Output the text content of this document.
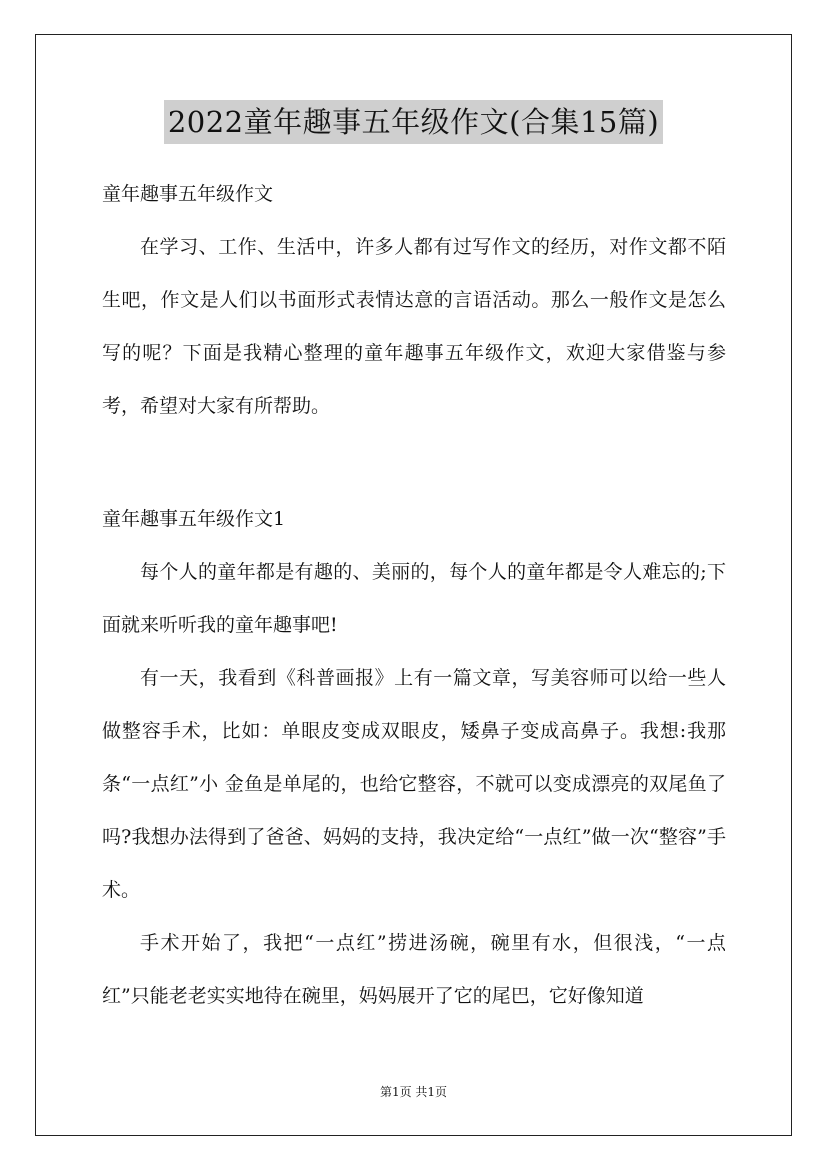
2022童年趣事五年级作文(合集15篇)

童年趣事五年级作文

在学习、工作、生活中，许多人都有过写作文的经历，对作文都不陌生吧，作文是人们以书面形式表情达意的言语活动。那么一般作文是怎么写的呢？下面是我精心整理的童年趣事五年级作文，欢迎大家借鉴与参考，希望对大家有所帮助。

童年趣事五年级作文1

每个人的童年都是有趣的、美丽的，每个人的童年都是令人难忘的;下面就来听听我的童年趣事吧!

有一天，我看到《科普画报》上有一篇文章，写美容师可以给一些人做整容手术，比如：单眼皮变成双眼皮，矮鼻子变成高鼻子。我想:我那条“一点红”小 金鱼是单尾的，也给它整容，不就可以变成漂亮的双尾鱼了吗?我想办法得到了爸爸、妈妈的支持，我决定给“一点红”做一次“整容”手术。

手术开始了，我把“一点红”捞进汤碗，碗里有水，但很浅，“一点红”只能老老实实地待在碗里，妈妈展开了它的尾巴，它好像知道

第1页 共1页
